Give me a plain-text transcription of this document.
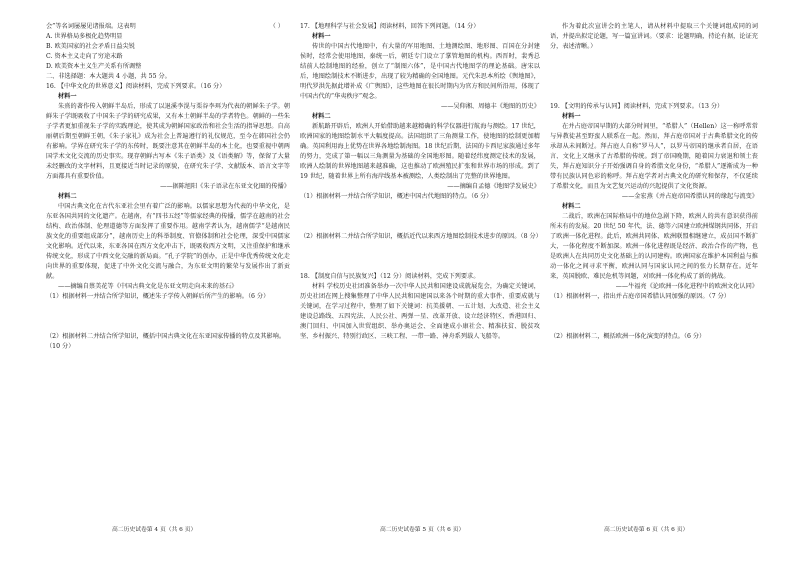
会”等名词屡屡见诸报端。这表明	（ ）

A. 世界格局多极化趋势明显

B. 欧美国家的社会矛盾日益尖锐

C. 资本主义走向了穷途末路

D. 欧美资本主义生产关系有所调整

二、非选择题：本大题共 4 小题，共 55 分。

16. 【中华文化的世界意义】阅读材料，完成下列要求。（16 分）

材料一

朱熹的著作传入朝鲜半岛后，形成了以退溪李滉与栗谷李珥为代表的朝鲜朱子学。朝鲜朱子学既吸收了中国朱子学的研究成果，又有本土朝鲜半岛的学者特色。朝鲜的一些朱子学者更加重视朱子学的实践理论，使其成为朝鲜国家政治和社会生活的指导思想。自高丽朝后期至朝鲜王朝，《朱子家礼》成为社会上普遍遵行的礼仪规范，至今在韩国社会仍有影响。学界在研究朱子学的东传时，既要注意其在朝鲜半岛的本土化，也要重视中朝两国学术文化交流的历史事实。现存朝鲜古写本《朱子语类》及《语类解》等，保留了大量未经删改的文字材料，且更接近当时记录的原貌，在研究朱子学、文献版本、语言文字等方面都具有重要价值。

——据陈旭阳《朱子语录在东亚文化圈的传播》

材料二

中国古典文化在古代东亚社会里有着广泛的影响。以儒家思想为代表的中华文化，是东亚各国共同的文化遗产。在越南，有“四书五经”等儒家经典的传播，儒学在越南的社会结构、政治体制、伦理道德等方面发挥了重要作用。越南学者认为，越南儒学“是越南民族文化的重要组成部分”，越南历史上的科举制度、官僚体制和社会伦理，深受中国儒家文化影响。近代以来，东亚各国在西方文化冲击下，既吸收西方文明，又注重保护和继承传统文化，形成了中西文化交融的新局面。“孔子学院”的创办，正是中华优秀传统文化走向世界的重要体现，促进了中外文化交流与融合，为东亚文明的繁荣与发展作出了新贡献。

——摘编自蔡美花等《中国古典文化是东亚文明走向未来的基石》

（1）根据材料一并结合所学知识，概述朱子学传入朝鲜后所产生的影响。（6 分）

（2）根据材料二并结合所学知识，概括中国古典文化在东亚国家传播的特点及其影响。（10 分）

17. 【地理科学与社会发展】阅读材料，回答下列问题。（14 分）

材料一

传世的中国古代地图中，有大量的军用地图、土地测绘图、地形图、百国在分封建侯时，经常会使用地图，秦统一后，朝廷专门设立了掌管地图的机构。西晋时，裴秀总结前人绘制地图的经验，创立了“制图六体”，是中国古代地图学的理论基础。唐宋以后，地图绘制技术不断进步，出现了较为精确的全国地图。元代朱思本所绘《舆地图》，明代罗洪先据此增补成《广舆图》，这些地图在很长时期内为官方和民间所沿用，体现了中国古代的“华夷秩序”观念。

——吴仰湘、周德丰《地图的历史》

材料二

新航路开辟后，欧洲人开始借助越来越精确的科学仪器进行航海与测绘。17 世纪，欧洲国家的地图绘制水平大幅度提高。法国组织了三角测量工作，使地图的绘制更加精确。英国利用海上优势在世界各地绘制海图。18 世纪后期，法国的卡西尼家族通过多年的努力，完成了第一幅以三角测量为基础的全国地形图。随着经纬度测定技术的发展，欧洲人绘制的世界地图越来越准确，这也推动了欧洲殖民扩张和世界市场的形成。到了 19 世纪，随着世界上所有海岸线基本被测绘，人类绘制出了完整的世界地图。

——摘编自孟德《地图学发展史》

（1）根据材料一并结合所学知识，概述中国古代地图的特点。（6 分）

（2）根据材料二并结合所学知识，概括近代以来西方地图绘制技术进步的原因。（8 分）

18. 【制度自信与民族复兴】（12 分）阅读材料，完成下列要求。

材料 学校历史社团准备举办一次中华人民共和国建设成就展览会，为确定关键词，历史社团在网上搜集整理了中华人民共和国建国以来各个时期的重大事件、重要成就与关键词，在学习过程中，整理了如下关键词：抗美援朝、一五计划、大改造、社会主义建设总路线、五四宪法、人民公社、两弹一星、改革开放、设立经济特区、香港回归、澳门回归、中国加入世贸组织、举办奥运会、全面建成小康社会、精准扶贫、脱贫攻坚、乡村振兴、特别行政区、三峡工程、一带一路、神舟系列载人飞船等。

作为着此次宣讲会的主笔人，请从材料中提取三个关键词组成同的词语，并提出拟定论题，写一篇宣讲词。（要求：论题明确，持论有据，论证充分，表述清晰。）

19. 【文明的传承与认同】阅读材料，完成下列要求。（13 分）

材料一

在并占庭帝国早期的大部分时间里，“希腊人”（Hellen）这一称呼常常与异教徒甚至野蛮人联系在一起。然而，拜占庭帝国对于古典希腊文化的传承却从未间断过。拜占庭人自称“罗马人”，以罗马帝国的继承者自居，在语言、文化上又继承了古希腊的传统。到了帝国晚期，随着国力衰退和领土丧失，拜占庭知识分子开始强调自身的希腊文化身份，“希腊人”逐渐成为一种带有民族认同色彩的称呼。拜占庭学者对古典文化的研究和保存，不仅延续了希腊文化，而且为文艺复兴运动的兴起提供了文化资源。

——金宏燕《并占庭帝国希腊认同的缘起与流变》

材料二

二战后，欧洲在国际格局中的地位急剧下降，欧洲人的共有意识获得前所未有的发展。20 世纪 50 年代，法、德等六国建立欧洲煤钢共同体，开启了欧洲一体化进程。此后，欧洲共同体、欧洲联盟相继建立，成员国不断扩大，一体化程度不断加深。欧洲一体化进程既是经济、政治合作的产物，也是欧洲人在共同历史文化基础上的认同建构。欧洲国家在维护本国利益与推动一体化之间寻求平衡，欧洲认同与国家认同之间的张力长期存在。近年来，英国脱欧、难民危机等问题，对欧洲一体化构成了新的挑战。

——牛福亮《论欧洲一体化进程中的欧洲文化认同》

（1）根据材料一，指出并占庭帝国希腊认同加强的原因。（7 分）

（2）根据材料二，概括欧洲一体化演变的特点。（6 分）

高二历史试卷第 4 页（共 6 页）	高二历史试卷第 5 页（共 6 页）	高二历史试卷第 6 页（共 6 页）
